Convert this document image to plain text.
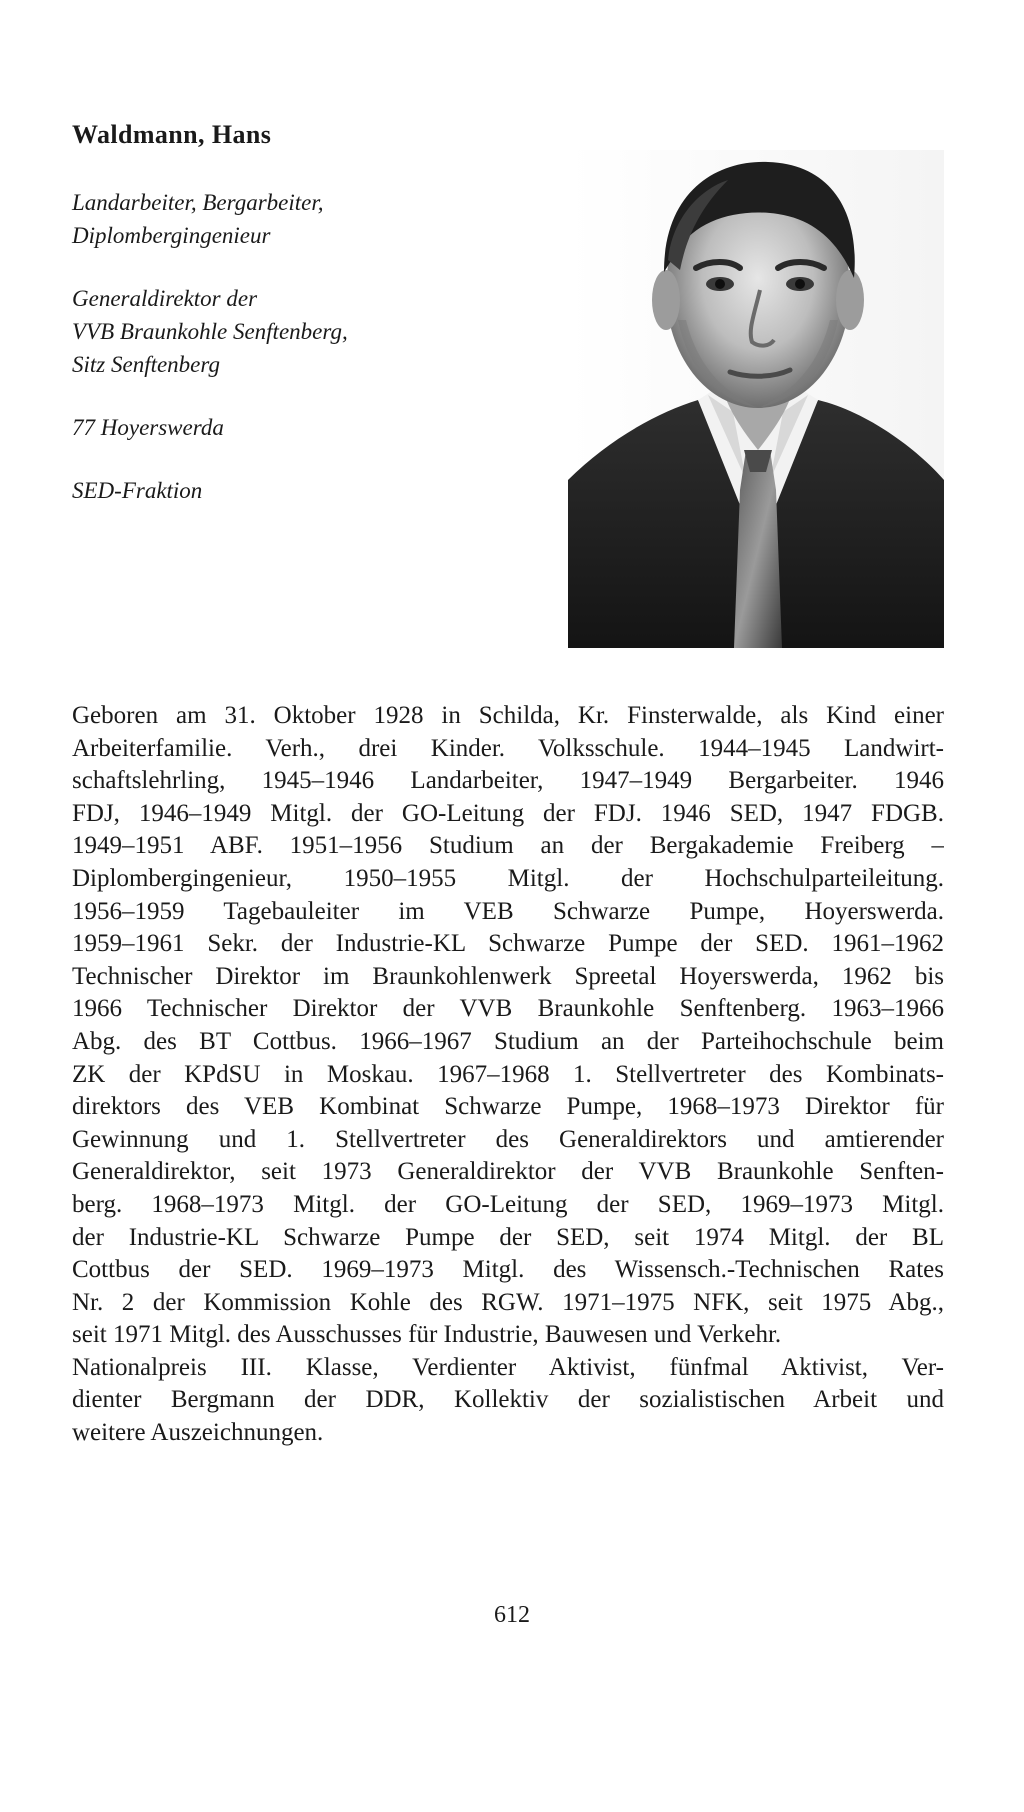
Waldmann, Hans
Landarbeiter, Bergarbeiter,
Diplombergingenieur
Generaldirektor der
VVB Braunkohle Senftenberg,
Sitz Senftenberg
77 Hoyerswerda
SED-Fraktion
Geboren am 31. Oktober 1928 in Schilda, Kr. Finsterwalde, als Kind einer
Arbeiterfamilie. Verh., drei Kinder. Volksschule. 1944–1945 Landwirt-
schaftslehrling, 1945–1946 Landarbeiter, 1947–1949 Bergarbeiter. 1946
FDJ, 1946–1949 Mitgl. der GO-Leitung der FDJ. 1946 SED, 1947 FDGB.
1949–1951 ABF. 1951–1956 Studium an der Bergakademie Freiberg –
Diplombergingenieur, 1950–1955 Mitgl. der Hochschulparteileitung.
1956–1959 Tagebauleiter im VEB Schwarze Pumpe, Hoyerswerda.
1959–1961 Sekr. der Industrie-KL Schwarze Pumpe der SED. 1961–1962
Technischer Direktor im Braunkohlenwerk Spreetal Hoyerswerda, 1962 bis
1966 Technischer Direktor der VVB Braunkohle Senftenberg. 1963–1966
Abg. des BT Cottbus. 1966–1967 Studium an der Parteihochschule beim
ZK der KPdSU in Moskau. 1967–1968 1. Stellvertreter des Kombinats-
direktors des VEB Kombinat Schwarze Pumpe, 1968–1973 Direktor für
Gewinnung und 1. Stellvertreter des Generaldirektors und amtierender
Generaldirektor, seit 1973 Generaldirektor der VVB Braunkohle Senften-
berg. 1968–1973 Mitgl. der GO-Leitung der SED, 1969–1973 Mitgl.
der Industrie-KL Schwarze Pumpe der SED, seit 1974 Mitgl. der BL
Cottbus der SED. 1969–1973 Mitgl. des Wissensch.-Technischen Rates
Nr. 2 der Kommission Kohle des RGW. 1971–1975 NFK, seit 1975 Abg.,
seit 1971 Mitgl. des Ausschusses für Industrie, Bauwesen und Verkehr.
Nationalpreis III. Klasse, Verdienter Aktivist, fünfmal Aktivist, Ver-
dienter Bergmann der DDR, Kollektiv der sozialistischen Arbeit und
weitere Auszeichnungen.
612
